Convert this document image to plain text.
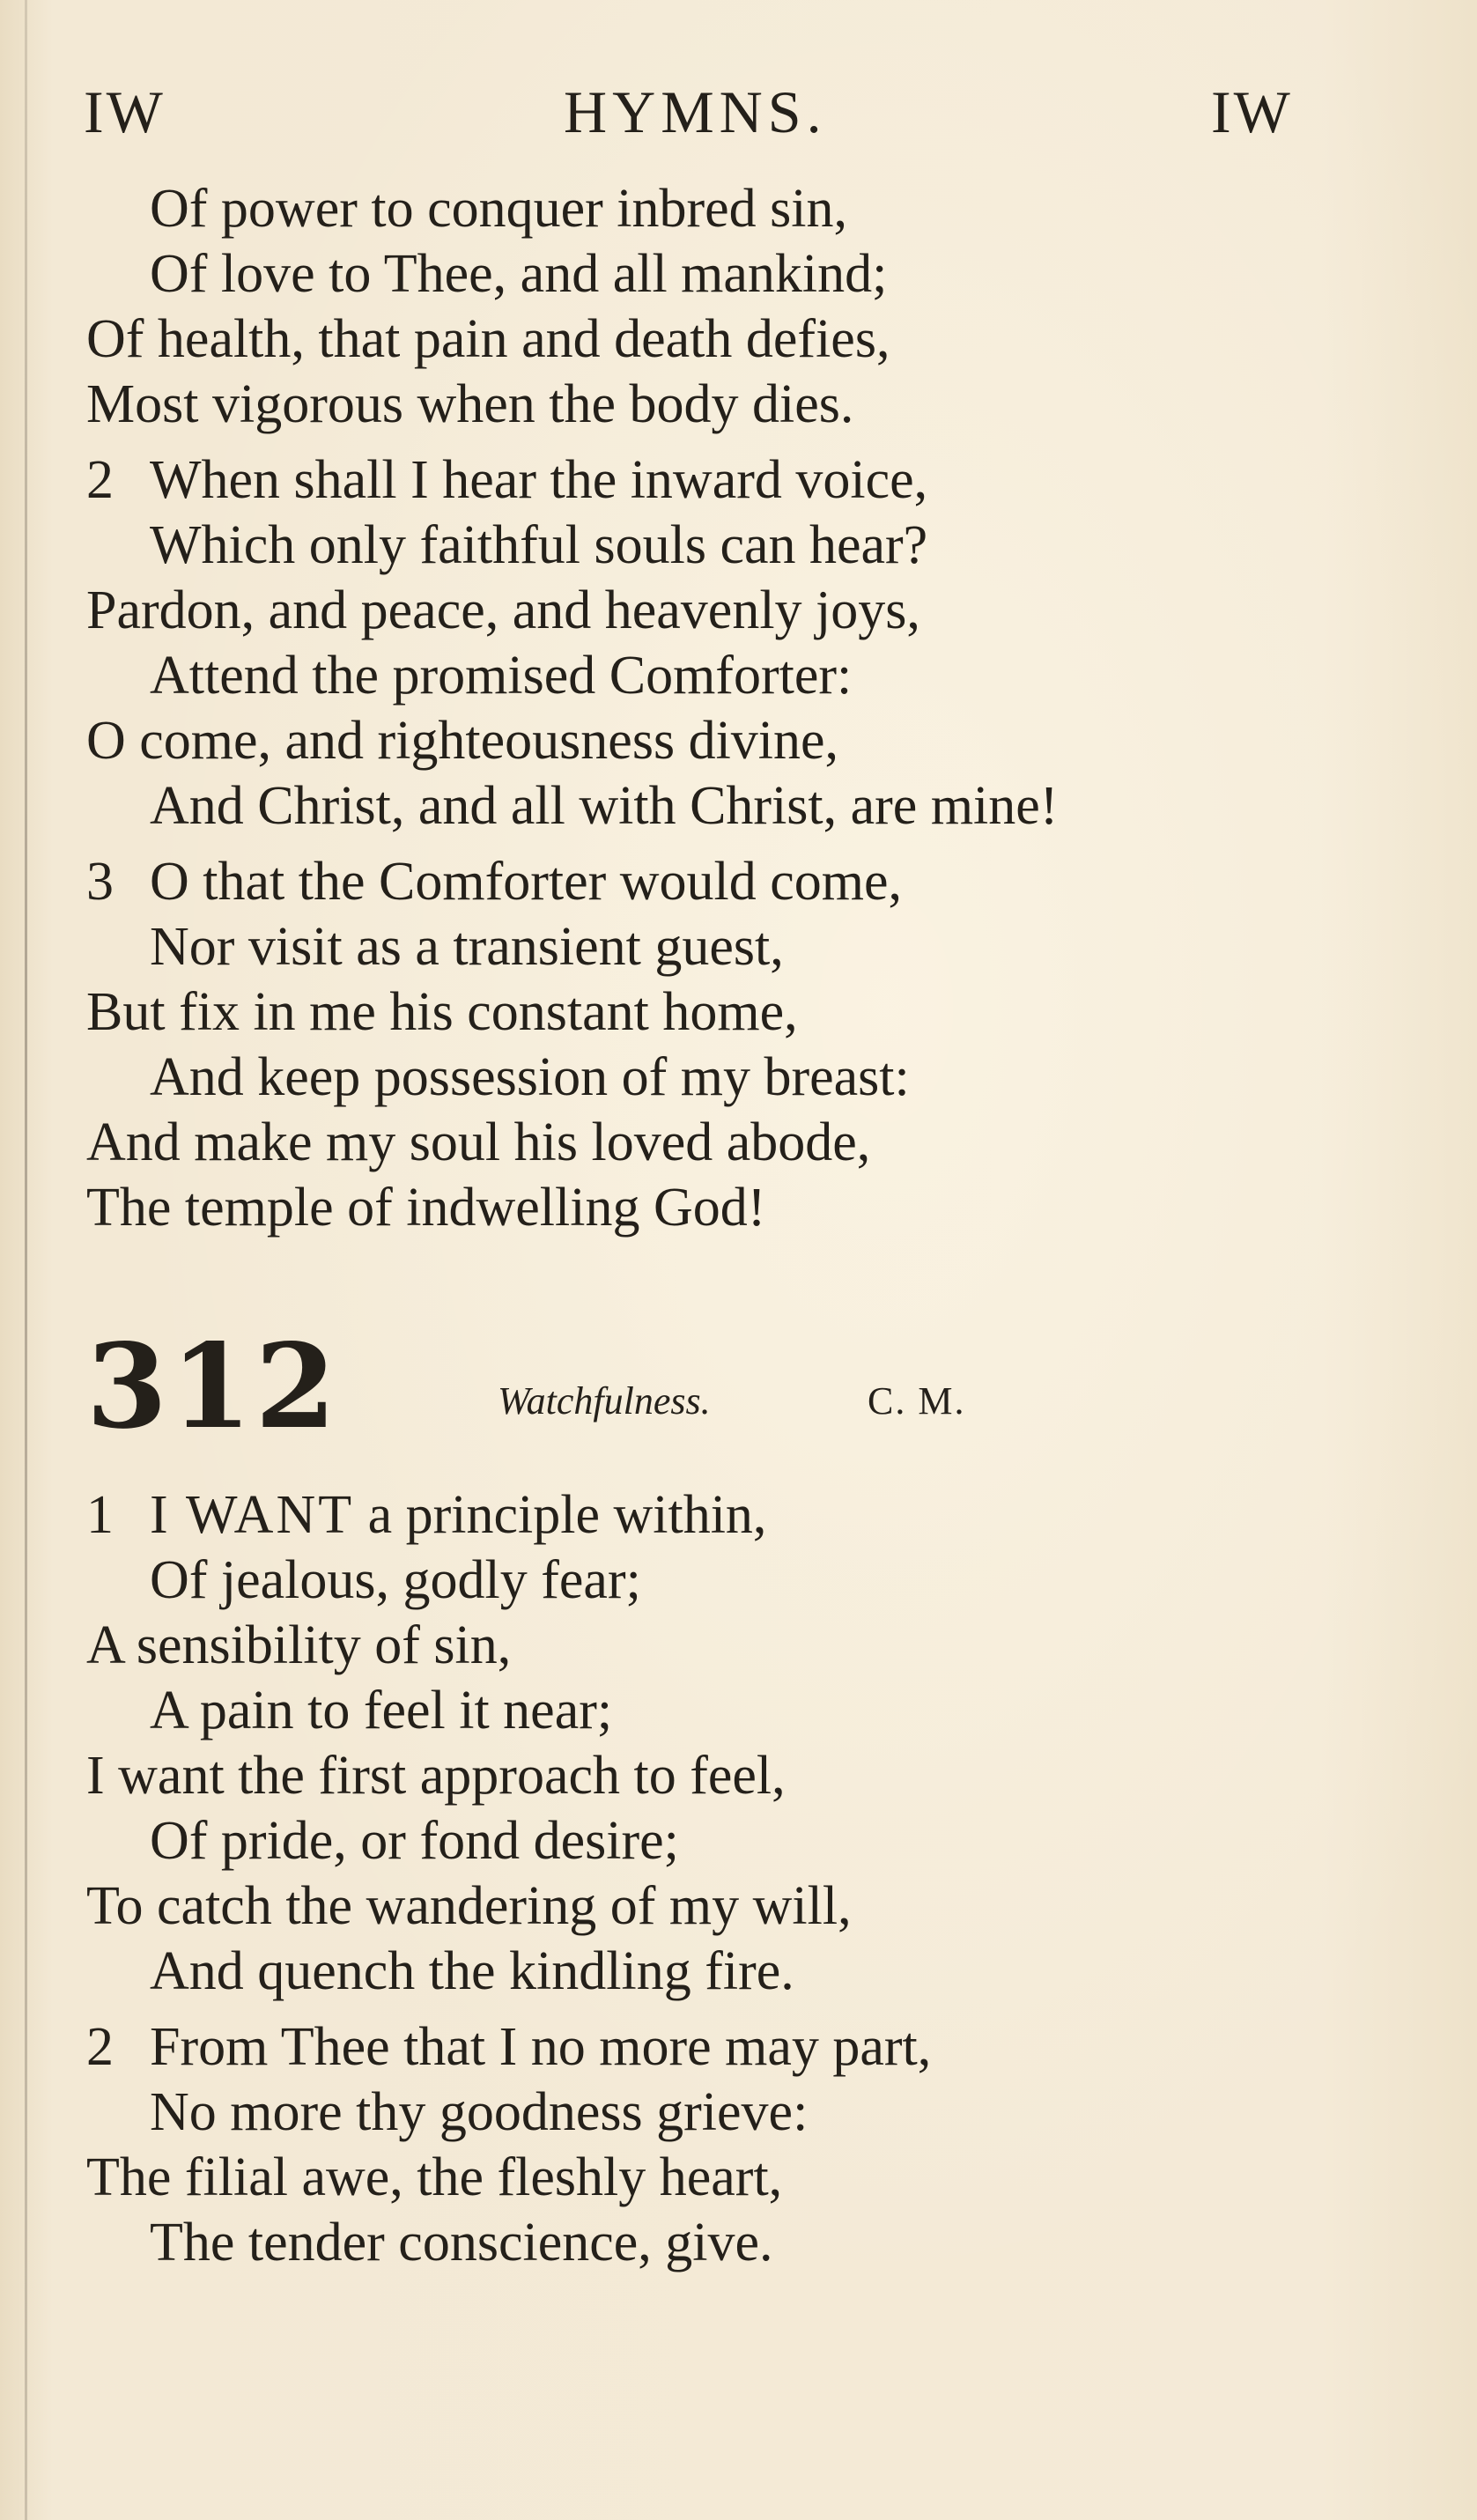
IW	HYMNS.	IW
Of power to conquer inbred sin,
Of love to Thee, and all mankind;
Of health, that pain and death defies,
Most vigorous when the body dies.
2 When shall I hear the inward voice,
Which only faithful souls can hear?
Pardon, and peace, and heavenly joys,
Attend the promised Comforter:
O come, and righteousness divine,
And Christ, and all with Christ, are mine!
3 O that the Comforter would come,
Nor visit as a transient guest,
But fix in me his constant home,
And keep possession of my breast:
And make my soul his loved abode,
The temple of indwelling God!
312	Watchfulness.	C. M.
1 I WANT a principle within,
Of jealous, godly fear;
A sensibility of sin,
A pain to feel it near;
I want the first approach to feel,
Of pride, or fond desire;
To catch the wandering of my will,
And quench the kindling fire.
2 From Thee that I no more may part,
No more thy goodness grieve:
The filial awe, the fleshly heart,
The tender conscience, give.
